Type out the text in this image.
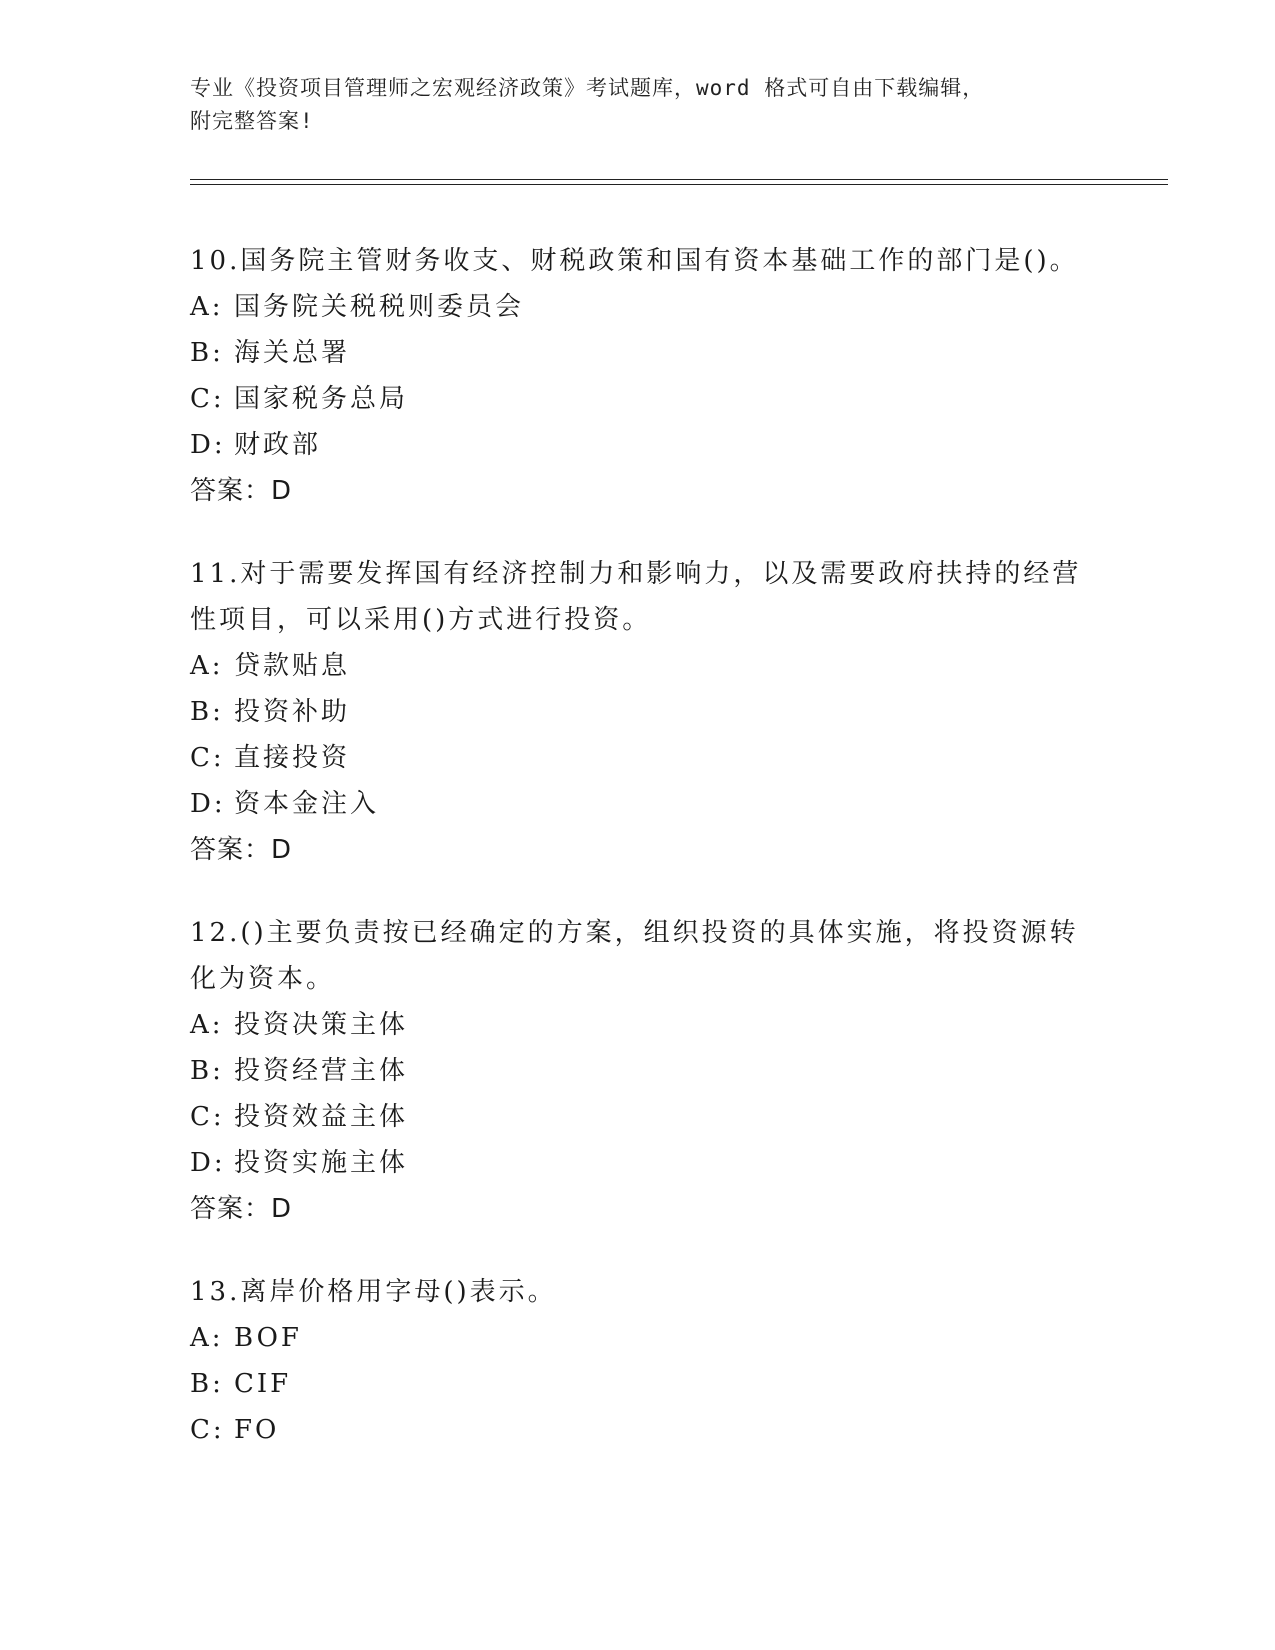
专业《投资项目管理师之宏观经济政策》考试题库，word 格式可自由下载编辑，
附完整答案!
10.国务院主管财务收支、财税政策和国有资本基础工作的部门是()。
A: 国务院关税税则委员会
B: 海关总署
C: 国家税务总局
D: 财政部
答案：D
11.对于需要发挥国有经济控制力和影响力，以及需要政府扶持的经营性项目，可以采用()方式进行投资。
A: 贷款贴息
B: 投资补助
C: 直接投资
D: 资本金注入
答案：D
12.()主要负责按已经确定的方案，组织投资的具体实施，将投资源转化为资本。
A: 投资决策主体
B: 投资经营主体
C: 投资效益主体
D: 投资实施主体
答案：D
13.离岸价格用字母()表示。
A: BOF
B: CIF
C: FO
